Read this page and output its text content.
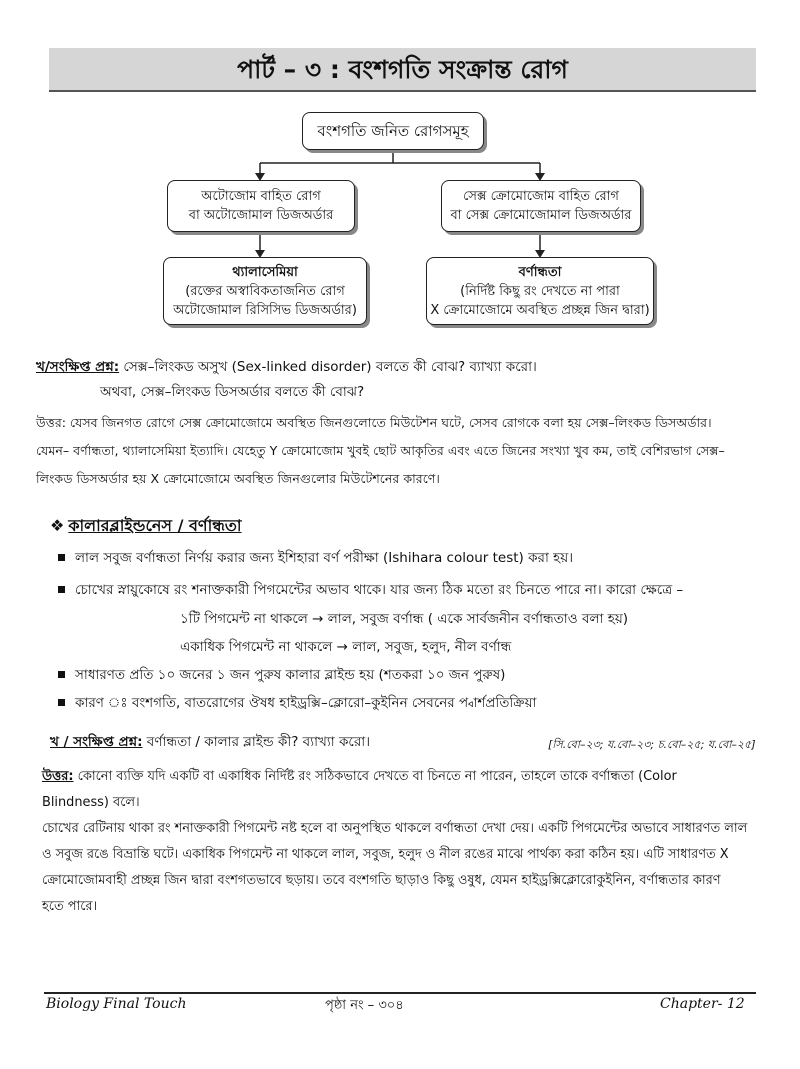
পার্ট – ৩ : বংশগতি সংক্রান্ত রোগ
বংশগতি জনিত রোগসমূহ
অটোজোম বাহিত রোগ
বা অটোজোমাল ডিজঅর্ডার
সেক্স ক্রোমোজোম বাহিত রোগ
বা সেক্স ক্রোমোজোমাল ডিজঅর্ডার
থ্যালাসেমিয়া
(রক্তের অস্বাবিকতাজনিত রোগ
অটোজোমাল রিসিসিভ ডিজঅর্ডার)
বর্ণান্ধতা
(নির্দিষ্ট কিছু রং দেখতে না পারা
X ক্রোমোজোমে অবস্থিত প্রচ্ছন্ন জিন দ্বারা)
খ/সংক্ষিপ্ত প্রশ্ন: সেক্স–লিংকড অসুখ (Sex-linked disorder) বলতে কী বোঝ? ব্যাখ্যা করো।
অথবা, সেক্স–লিংকড ডিসঅর্ডার বলতে কী বোঝ?
উত্তর: যেসব জিনগত রোগে সেক্স ক্রোমোজোমে অবস্থিত জিনগুলোতে মিউটেশন ঘটে, সেসব রোগকে বলা হয় সেক্স–লিংকড ডিসঅর্ডার।
যেমন– বর্ণান্ধতা, থ্যালাসেমিয়া ইত্যাদি। যেহেতু Y ক্রোমোজোম খুবই ছোট আকৃতির এবং এতে জিনের সংখ্যা খুব কম, তাই বেশিরভাগ সেক্স–
লিংকড ডিসঅর্ডার হয় X ক্রোমোজোমে অবস্থিত জিনগুলোর মিউটেশনের কারণে।
❖ কালারব্লাইন্ডনেস / বর্ণান্ধতা
লাল সবুজ বর্ণান্ধতা নির্ণয় করার জন্য ইশিহারা বর্ণ পরীক্ষা (Ishihara colour test) করা হয়।
চোখের স্নায়ুকোষে রং শনাক্তকারী পিগমেন্টের অভাব থাকে। যার জন্য ঠিক মতো রং চিনতে পারে না। কারো ক্ষেত্রে –
১টি পিগমেন্ট না থাকলে → লাল, সবুজ বর্ণান্ধ ( একে সার্বজনীন বর্ণান্ধতাও বলা হয়)
একাধিক পিগমেন্ট না থাকলে → লাল, সবুজ, হলুদ, নীল বর্ণান্ধ
সাধারণত প্রতি ১০ জনের ১ জন পুরুষ কালার ব্লাইন্ড হয় (শতকরা ১০ জন পুরুষ)
কারণ ঃ বংশগতি, বাতরোগের ঔষধ হাইড্রক্সি–ক্লোরো–কুইনিন সেবনের প্বার্শপ্রতিক্রিয়া
খ / সংক্ষিপ্ত প্রশ্ন: বর্ণান্ধতা / কালার ব্লাইন্ড কী? ব্যাখ্যা করো।	[সি.বো–২৩; য.বো–২৩; চ.বো–২৫; য.বো–২৫]
উত্তর: কোনো ব্যক্তি যদি একটি বা একাধিক নির্দিষ্ট রং সঠিকভাবে দেখতে বা চিনতে না পারেন, তাহলে তাকে বর্ণান্ধতা (Color
Blindness) বলে।
চোখের রেটিনায় থাকা রং শনাক্তকারী পিগমেন্ট নষ্ট হলে বা অনুপস্থিত থাকলে বর্ণান্ধতা দেখা দেয়। একটি পিগমেন্টের অভাবে সাধারণত লাল
ও সবুজ রঙে বিভ্রান্তি ঘটে। একাধিক পিগমেন্ট না থাকলে লাল, সবুজ, হলুদ ও নীল রঙের মাঝে পার্থক্য করা কঠিন হয়। এটি সাধারণত X
ক্রোমোজোমবাহী প্রচ্ছন্ন জিন দ্বারা বংশগতভাবে ছড়ায়। তবে বংশগতি ছাড়াও কিছু ওষুধ, যেমন হাইড্রক্সিক্লোরোকুইনিন, বর্ণান্ধতার কারণ
হতে পারে।
Biology Final Touch	পৃষ্ঠা নং – ৩০৪	Chapter- 12
